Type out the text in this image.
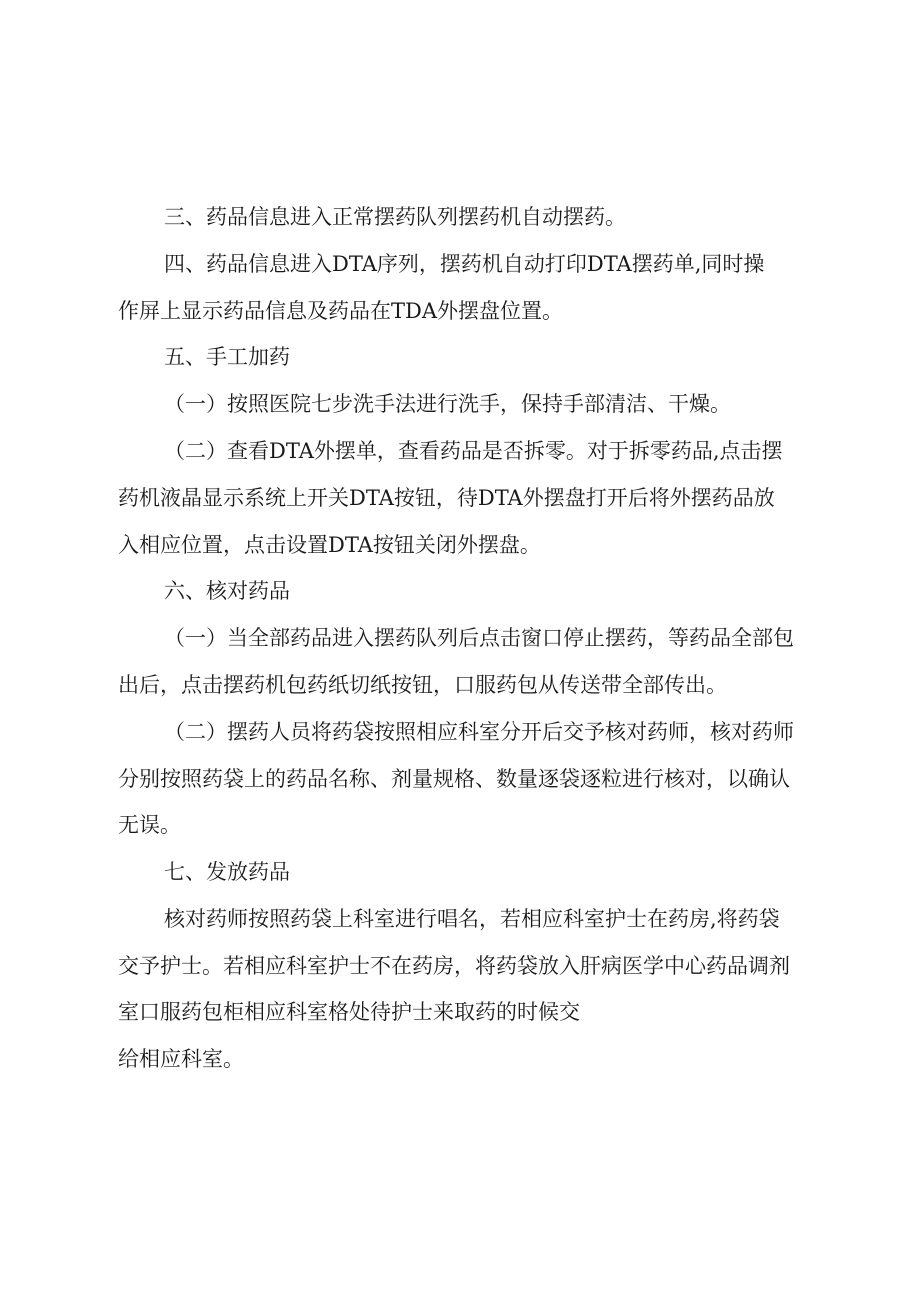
三、药品信息进入正常摆药队列摆药机自动摆药。
四、药品信息进入DTA序列，摆药机自动打印DTA摆药单,同时操
作屏上显示药品信息及药品在TDA外摆盘位置。
五、手工加药
（一）按照医院七步洗手法进行洗手，保持手部清洁、干燥。
（二）查看DTA外摆单，查看药品是否拆零。对于拆零药品,点击摆
药机液晶显示系统上开关DTA按钮，待DTA外摆盘打开后将外摆药品放
入相应位置，点击设置DTA按钮关闭外摆盘。
六、核对药品
（一）当全部药品进入摆药队列后点击窗口停止摆药，等药品全部包
出后，点击摆药机包药纸切纸按钮，口服药包从传送带全部传出。
（二）摆药人员将药袋按照相应科室分开后交予核对药师，核对药师
分别按照药袋上的药品名称、剂量规格、数量逐袋逐粒进行核对，以确认
无误。
七、发放药品
核对药师按照药袋上科室进行唱名，若相应科室护士在药房,将药袋
交予护士。若相应科室护士不在药房，将药袋放入肝病医学中心药品调剂
室口服药包柜相应科室格处待护士来取药的时候交
给相应科室。
